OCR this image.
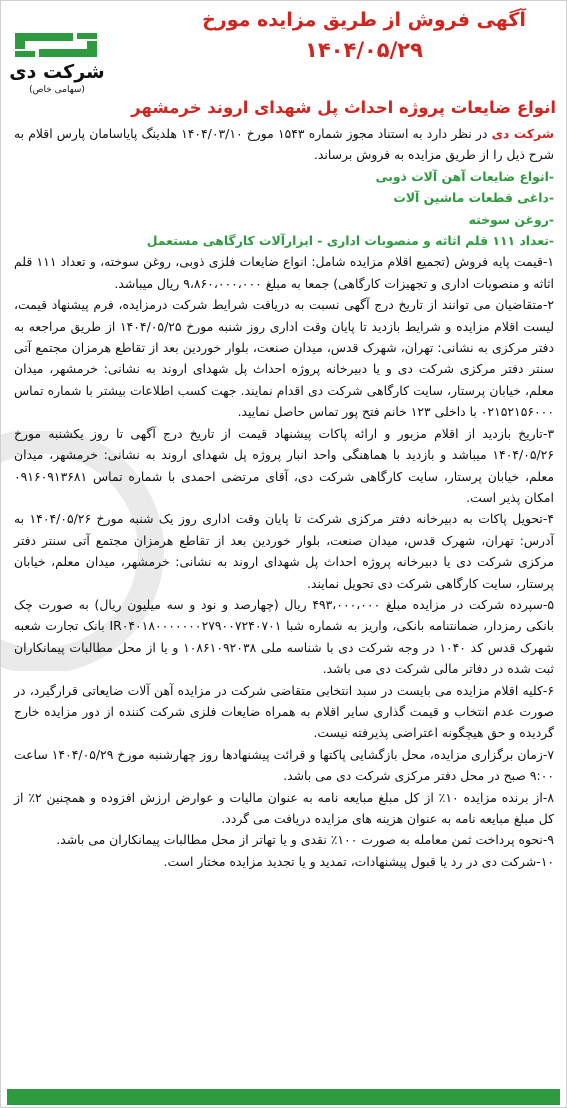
آگهی فروش از طریق مزایده مورخ

۱۴۰۴/۰۵/۲۹

شرکت دی
(سهامی خاص)
انواع ضایعات پروژه احداث پل شهدای اروند خرمشهر

شرکت دی در نظر دارد به استناد مجوز شماره ۱۵۴۳ مورخ ۱۴۰۴/۰۳/۱۰ هلدینگ پایاسامان پارس اقلام به شرح ذیل را از طریق مزایده به فروش برساند.

-انواع ضایعات آهن آلات ذوبی

-داغی قطعات ماشین آلات

-روغن سوخته

-تعداد ۱۱۱ قلم اثاثه و منصوبات اداری - ابزارآلات کارگاهی مستعمل

۱-قیمت پایه فروش (تجمیع اقلام مزایده شامل: انواع ضایعات فلزی ذوبی، روغن سوخته، و تعداد ۱۱۱ قلم اثاثه و منصوبات اداری و تجهیزات کارگاهی) جمعا به مبلغ ۹،۸۶۰،۰۰۰،۰۰۰ ریال میباشد.

۲-متقاضیان می توانند از تاریخ درج آگهی نسبت به دریافت شرایط شرکت درمزایده، فرم پیشنهاد قیمت، لیست اقلام مزایده و شرایط بازدید تا پایان وقت اداری روز شنبه مورخ ۱۴۰۴/۰۵/۲۵ از طریق مراجعه به دفتر مرکزی به نشانی: تهران، شهرک قدس، میدان صنعت، بلوار خوردین بعد از تقاطع هرمزان مجتمع آتی سنتر دفتر مرکزی شرکت دی و یا دبیرخانه پروژه احداث پل شهدای اروند به نشانی: خرمشهر، میدان معلم، خیابان پرستار، سایت کارگاهی شرکت دی اقدام نمایند. جهت کسب اطلاعات بیشتر با شماره تماس ۰۲۱۵۲۱۵۶۰۰۰ با داخلی ۱۲۳ خانم فتح پور تماس حاصل نمایید.

۳-تاریخ بازدید از اقلام مزبور و ارائه پاکات پیشنهاد قیمت از تاریخ درج آگهی تا روز یکشنبه مورخ ۱۴۰۴/۰۵/۲۶ میباشد و بازدید با هماهنگی واحد انبار پروژه پل شهدای اروند به نشانی: خرمشهر، میدان معلم، خیابان پرستار، سایت کارگاهی شرکت دی، آقای مرتضی احمدی با شماره تماس ۰۹۱۶۰۹۱۳۶۸۱ امکان پذیر است.

۴-تحویل پاکات به دبیرخانه دفتر مرکزی شرکت تا پایان وقت اداری روز یک شنبه مورخ ۱۴۰۴/۰۵/۲۶ به آدرس: تهران، شهرک قدس، میدان صنعت، بلوار خوردین بعد از تقاطع هرمزان مجتمع آتی سنتر دفتر مرکزی شرکت دی یا دبیرخانه پروژه احداث پل شهدای اروند به نشانی: خرمشهر، میدان معلم، خیابان پرستار، سایت کارگاهی شرکت دی تحویل نمایند.

۵-سپرده شرکت در مزایده مبلغ ۴۹۳،۰۰۰،۰۰۰ ریال (چهارصد و نود و سه میلیون ریال) به صورت چک بانکی رمزدار، ضمانتنامه بانکی، واریز به شماره شبا IR۰۴۰۱۸۰۰۰۰۰۰۰۲۷۹۰۰۷۲۴۰۷۰۱ بانک تجارت شعبه شهرک قدس کد ۱۰۴۰ در وجه شرکت دی با شناسه ملی ۱۰۸۶۱۰۹۲۰۳۸ و یا از محل مطالبات پیمانکاران ثبت شده در دفاتر مالی شرکت دی می باشد.

۶-کلیه اقلام مزایده می بایست در سبد انتخابی متقاضی شرکت در مزایده آهن آلات ضایعاتی قرارگیرد، در صورت عدم انتخاب و قیمت گذاری سایر اقلام به همراه ضایعات فلزی شرکت کننده از دور مزایده خارج گردیده و حق هیچگونه اعتراضی پذیرفته نیست.

۷-زمان برگزاری مزایده، محل بازگشایی پاکتها و قرائت پیشنهادها روز چهارشنبه مورخ ۱۴۰۴/۰۵/۲۹ ساعت ۹:۰۰ صبح در محل دفتر مرکزی شرکت دی می باشد.

۸-از برنده مزایده ۱۰٪ از کل مبلغ مبایعه نامه به عنوان مالیات و عوارض ارزش افزوده و همچنین ۲٪ از کل مبلغ مبایعه نامه به عنوان هزینه های مزایده دریافت می گردد.

۹-نحوه پرداخت ثمن معامله به صورت ۱۰۰٪ نقدی و یا تهاتر از محل مطالبات پیمانکاران می باشد.

۱۰-شرکت دی در رد یا قبول پیشنهادات، تمدید و یا تجدید مزایده مختار است.
